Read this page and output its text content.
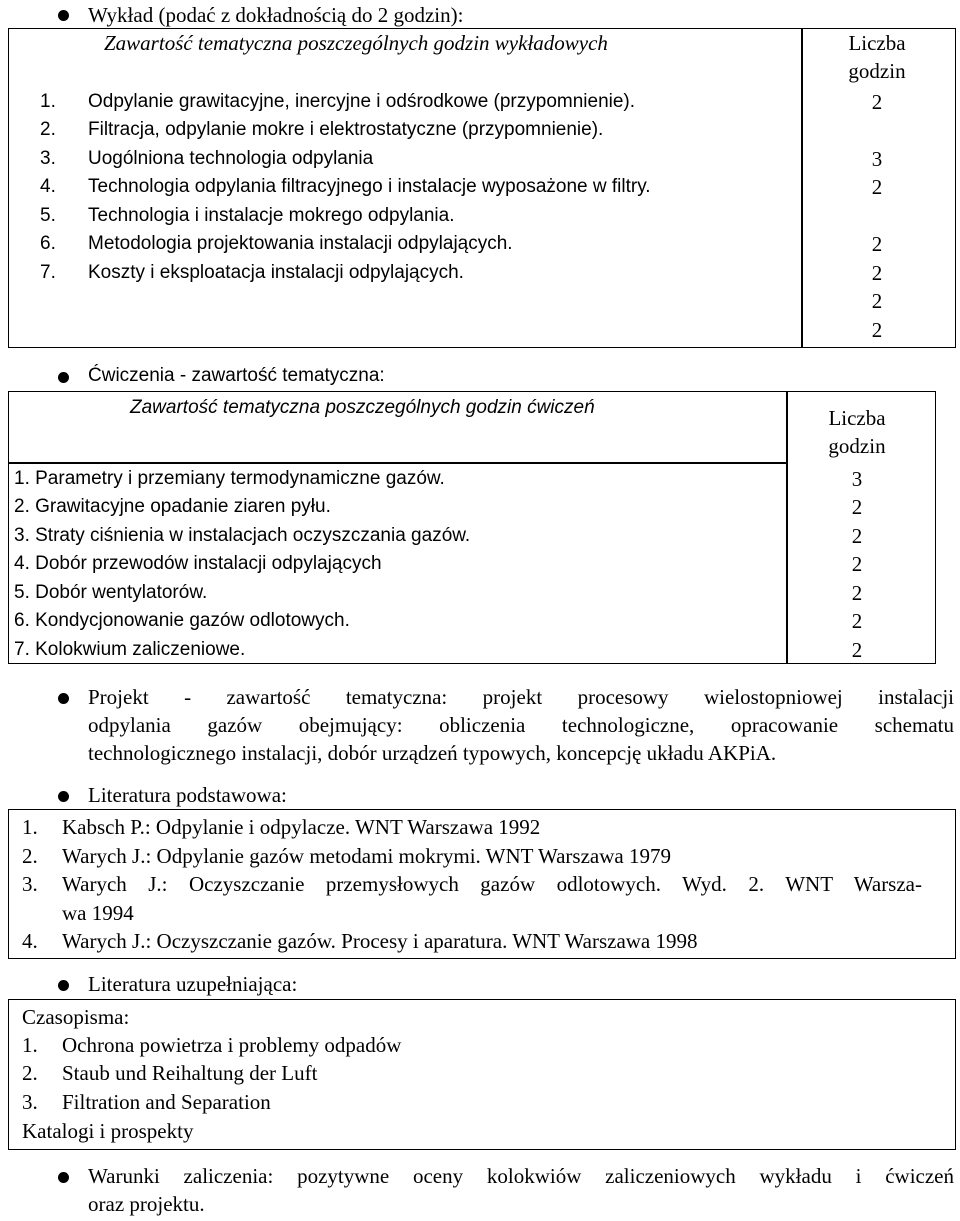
Wykład (podać z dokładnością do 2 godzin):
Zawartość tematyczna poszczególnych godzin wykładowych	Liczba
godzin
1. Odpylanie grawitacyjne, inercyjne i odśrodkowe (przypomnienie).
2. Filtracja, odpylanie mokre i elektrostatyczne (przypomnienie).
3. Uogólniona technologia odpylania
4. Technologia odpylania filtracyjnego i instalacje wyposażone w filtry.
5. Technologia i instalacje mokrego odpylania.
6. Metodologia projektowania instalacji odpylających.
7. Koszty i eksploatacja instalacji odpylających.
2
3
2
2
2
2
2
Ćwiczenia - zawartość tematyczna:
Zawartość tematyczna poszczególnych godzin ćwiczeń	Liczba
godzin
1. Parametry i przemiany termodynamiczne gazów.
2. Grawitacyjne opadanie ziaren pyłu.
3. Straty ciśnienia w instalacjach oczyszczania gazów.
4. Dobór przewodów instalacji odpylających
5. Dobór wentylatorów.
6. Kondycjonowanie gazów odlotowych.
7. Kolokwium zaliczeniowe.
3
2
2
2
2
2
2
Projekt - zawartość tematyczna: projekt procesowy wielostopniowej instalacji
odpylania gazów obejmujący: obliczenia technologiczne, opracowanie schematu
technologicznego instalacji, dobór urządzeń typowych, koncepcję układu AKPiA.
Literatura podstawowa:
1. Kabsch P.: Odpylanie i odpylacze. WNT Warszawa 1992
2. Warych J.: Odpylanie gazów metodami mokrymi. WNT Warszawa 1979
3. Warych J.: Oczyszczanie przemysłowych gazów odlotowych. Wyd. 2. WNT Warsza-
wa 1994
4. Warych J.: Oczyszczanie gazów. Procesy i aparatura. WNT Warszawa 1998
Literatura uzupełniająca:
Czasopisma:
1. Ochrona powietrza i problemy odpadów
2. Staub und Reihaltung der Luft
3. Filtration and Separation
Katalogi i prospekty
Warunki zaliczenia: pozytywne oceny kolokwiów zaliczeniowych wykładu i ćwiczeń
oraz projektu.
